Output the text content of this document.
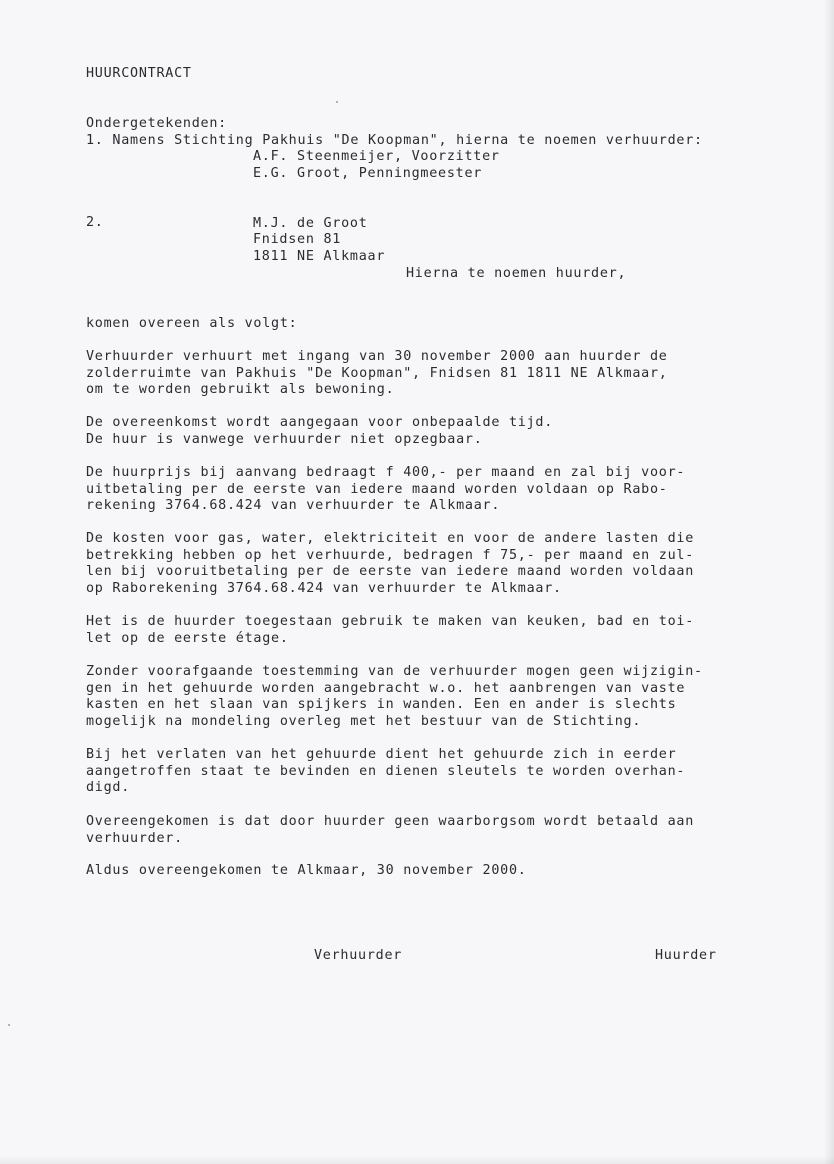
HUURCONTRACT
Ondergetekenden:
1. Namens Stichting Pakhuis "De Koopman", hierna te noemen verhuurder:
A.F. Steenmeijer, Voorzitter
E.G. Groot, Penningmeester
2.	M.J. de Groot
Fnidsen 81
1811 NE Alkmaar
Hierna te noemen huurder,
komen overeen als volgt:
Verhuurder verhuurt met ingang van 30 november 2000 aan huurder de
zolderruimte van Pakhuis "De Koopman", Fnidsen 81 1811 NE Alkmaar,
om te worden gebruikt als bewoning.
De overeenkomst wordt aangegaan voor onbepaalde tijd.
De huur is vanwege verhuurder niet opzegbaar.
De huurprijs bij aanvang bedraagt f 400,- per maand en zal bij voor-
uitbetaling per de eerste van iedere maand worden voldaan op Rabo-
rekening 3764.68.424 van verhuurder te Alkmaar.
De kosten voor gas, water, elektriciteit en voor de andere lasten die
betrekking hebben op het verhuurde, bedragen f 75,- per maand en zul-
len bij vooruitbetaling per de eerste van iedere maand worden voldaan
op Raborekening 3764.68.424 van verhuurder te Alkmaar.
Het is de huurder toegestaan gebruik te maken van keuken, bad en toi-
let op de eerste étage.
Zonder voorafgaande toestemming van de verhuurder mogen geen wijzigin-
gen in het gehuurde worden aangebracht w.o. het aanbrengen van vaste
kasten en het slaan van spijkers in wanden. Een en ander is slechts
mogelijk na mondeling overleg met het bestuur van de Stichting.
Bij het verlaten van het gehuurde dient het gehuurde zich in eerder
aangetroffen staat te bevinden en dienen sleutels te worden overhan-
digd.
Overeengekomen is dat door huurder geen waarborgsom wordt betaald aan
verhuurder.
Aldus overeengekomen te Alkmaar, 30 november 2000.
Verhuurder	Huurder
